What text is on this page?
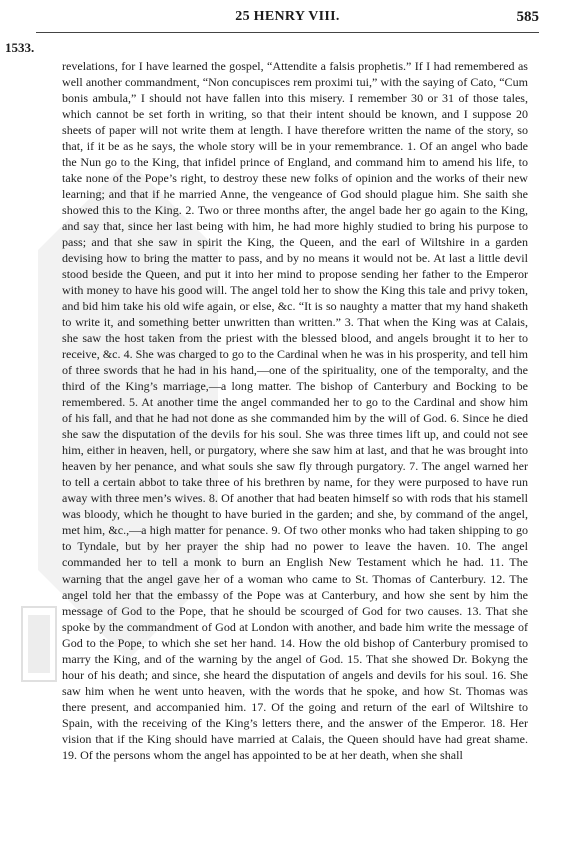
25 HENRY VIII.	585
1533.

revelations, for I have learned the gospel, “Attendite a falsis prophetis.” If I had remembered as well another commandment, “Non concupisces rem proximi tui,” with the saying of Cato, “Cum bonis ambula,” I should not have fallen into this misery. I remember 30 or 31 of those tales, which cannot be set forth in writing, so that their intent should be known, and I suppose 20 sheets of paper will not write them at length. I have therefore written the name of the story, so that, if it be as he says, the whole story will be in your remembrance. 1. Of an angel who bade the Nun go to the King, that infidel prince of England, and command him to amend his life, to take none of the Pope’s right, to destroy these new folks of opinion and the works of their new learning; and that if he married Anne, the vengeance of God should plague him. She saith she showed this to the King. 2. Two or three months after, the angel bade her go again to the King, and say that, since her last being with him, he had more highly studied to bring his purpose to pass; and that she saw in spirit the King, the Queen, and the earl of Wiltshire in a garden devising how to bring the matter to pass, and by no means it would not be. At last a little devil stood beside the Queen, and put it into her mind to propose sending her father to the Emperor with money to have his good will. The angel told her to show the King this tale and privy token, and bid him take his old wife again, or else, &c. “It is so naughty a matter that my hand shaketh to write it, and something better unwritten than written.” 3. That when the King was at Calais, she saw the host taken from the priest with the blessed blood, and angels brought it to her to receive, &c. 4. She was charged to go to the Cardinal when he was in his prosperity, and tell him of three swords that he had in his hand,—one of the spirituality, one of the temporalty, and the third of the King’s marriage,—a long matter. The bishop of Canterbury and Bocking to be remembered. 5. At another time the angel commanded her to go to the Cardinal and show him of his fall, and that he had not done as she commanded him by the will of God. 6. Since he died she saw the disputation of the devils for his soul. She was three times lift up, and could not see him, either in heaven, hell, or purgatory, where she saw him at last, and that he was brought into heaven by her penance, and what souls she saw fly through purgatory. 7. The angel warned her to tell a certain abbot to take three of his brethren by name, for they were purposed to have run away with three men’s wives. 8. Of another that had beaten himself so with rods that his stamell was bloody, which he thought to have buried in the garden; and she, by command of the angel, met him, &c.,—a high matter for penance. 9. Of two other monks who had taken shipping to go to Tyndale, but by her prayer the ship had no power to leave the haven. 10. The angel commanded her to tell a monk to burn an English New Testament which he had. 11. The warning that the angel gave her of a woman who came to St. Thomas of Canterbury. 12. The angel told her that the embassy of the Pope was at Canterbury, and how she sent by him the message of God to the Pope, that he should be scourged of God for two causes. 13. That she spoke by the commandment of God at London with another, and bade him write the message of God to the Pope, to which she set her hand. 14. How the old bishop of Canterbury promised to marry the King, and of the warning by the angel of God. 15. That she showed Dr. Bokyng the hour of his death; and since, she heard the disputation of angels and devils for his soul. 16. She saw him when he went unto heaven, with the words that he spoke, and how St. Thomas was there present, and accompanied him. 17. Of the going and return of the earl of Wiltshire to Spain, with the receiving of the King’s letters there, and the answer of the Emperor. 18. Her vision that if the King should have married at Calais, the Queen should have had great shame. 19. Of the persons whom the angel has appointed to be at her death, when she shall
